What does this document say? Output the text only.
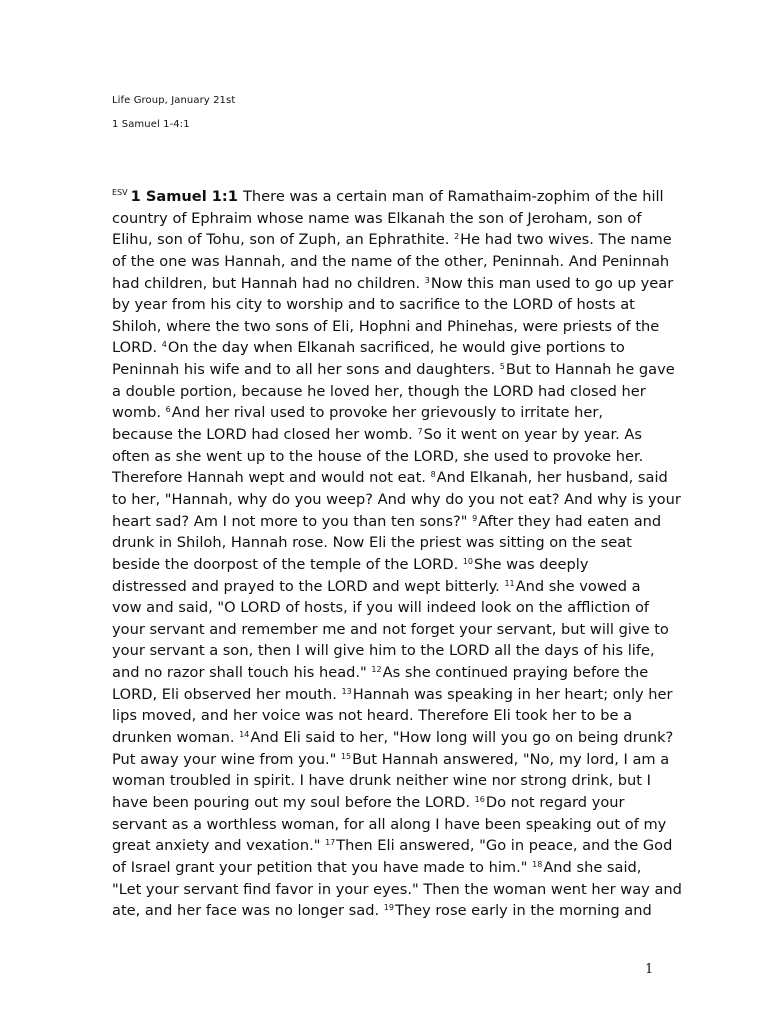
Life Group, January 21st
1 Samuel 1-4:1
$^{ESV}$ 1 Samuel 1:1 There was a certain man of Ramathaim-zophim of the hill
country of Ephraim whose name was Elkanah the son of Jeroham, son of
Elihu, son of Tohu, son of Zuph, an Ephrathite. $^2$He had two wives. The name
of the one was Hannah, and the name of the other, Peninnah. And Peninnah
had children, but Hannah had no children. $^3$Now this man used to go up year
by year from his city to worship and to sacrifice to the LORD of hosts at
Shiloh, where the two sons of Eli, Hophni and Phinehas, were priests of the
LORD. $^4$On the day when Elkanah sacrificed, he would give portions to
Peninnah his wife and to all her sons and daughters. $^5$But to Hannah he gave
a double portion, because he loved her, though the LORD had closed her
womb. $^6$And her rival used to provoke her grievously to irritate her,
because the LORD had closed her womb. $^7$So it went on year by year. As
often as she went up to the house of the LORD, she used to provoke her.
Therefore Hannah wept and would not eat. $^8$And Elkanah, her husband, said
to her, "Hannah, why do you weep? And why do you not eat? And why is your
heart sad? Am I not more to you than ten sons?" $^9$After they had eaten and
drunk in Shiloh, Hannah rose. Now Eli the priest was sitting on the seat
beside the doorpost of the temple of the LORD. $^{10}$She was deeply
distressed and prayed to the LORD and wept bitterly. $^{11}$And she vowed a
vow and said, "O LORD of hosts, if you will indeed look on the affliction of
your servant and remember me and not forget your servant, but will give to
your servant a son, then I will give him to the LORD all the days of his life,
and no razor shall touch his head." $^{12}$As she continued praying before the
LORD, Eli observed her mouth. $^{13}$Hannah was speaking in her heart; only her
lips moved, and her voice was not heard. Therefore Eli took her to be a
drunken woman. $^{14}$And Eli said to her, "How long will you go on being drunk?
Put away your wine from you." $^{15}$But Hannah answered, "No, my lord, I am a
woman troubled in spirit. I have drunk neither wine nor strong drink, but I
have been pouring out my soul before the LORD. $^{16}$Do not regard your
servant as a worthless woman, for all along I have been speaking out of my
great anxiety and vexation." $^{17}$Then Eli answered, "Go in peace, and the God
of Israel grant your petition that you have made to him." $^{18}$And she said,
"Let your servant find favor in your eyes." Then the woman went her way and
ate, and her face was no longer sad. $^{19}$They rose early in the morning and
1
